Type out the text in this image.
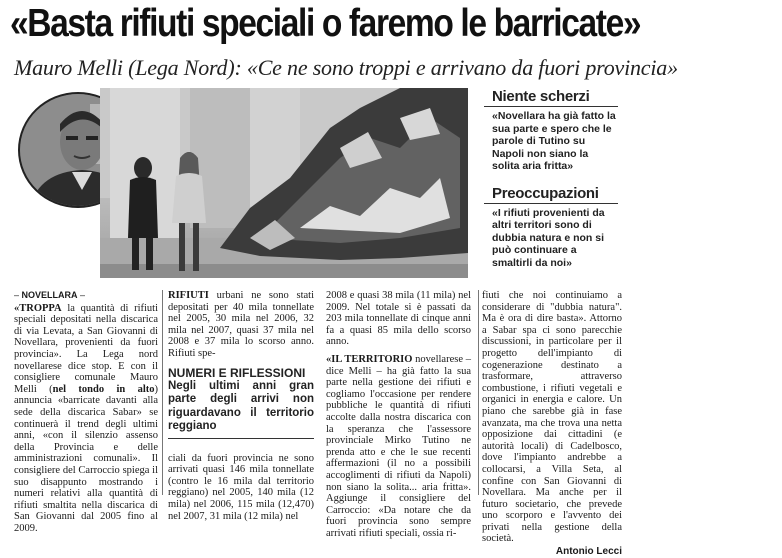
«Basta rifiuti speciali o faremo le barricate»
Mauro Melli (Lega Nord): «Ce ne sono troppi e arrivano da fuori provincia»
Niente scherzi
«Novellara ha già fatto la sua parte e spero che le parole di Tutino su Napoli non siano la solita aria fritta»
Preoccupazioni
«I rifiuti provenienti da altri territori sono di dubbia natura e non si può continuare a smaltirli da noi»
– NOVELLARA –

«TROPPA la quantità di rifiuti speciali depositati nella discarica di via Levata, a San Giovanni di Novellara, provenienti da fuori provincia». La Lega nord novellarese dice stop. E con il consigliere comunale Mauro Melli (nel tondo in alto) annuncia «barricate davanti alla sede della discarica Sabar» se continuerà il trend degli ultimi anni, «con il silenzio assenso della Provincia e delle amministrazioni comunali». Il consigliere del Carroccio spiega il suo disappunto mostrando i numeri relativi alla quantità di rifiuti smaltita nella discarica di San Giovanni dal 2005 fino al 2009.

RIFIUTI urbani ne sono stati depositati per 40 mila tonnellate nel 2005, 30 mila nel 2006, 32 mila nel 2007, quasi 37 mila nel 2008 e 37 mila lo scorso anno. Rifiuti spe-

NUMERI E RIFLESSIONI
Negli ultimi anni gran parte degli arrivi non riguardavano il territorio reggiano

ciali da fuori provincia ne sono arrivati quasi 146 mila tonnellate (contro le 16 mila dal territorio reggiano) nel 2005, 140 mila (12 mila) nel 2006, 115 mila (12,470) nel 2007, 31 mila (12 mila) nel

2008 e quasi 38 mila (11 mila) nel 2009. Nel totale si è passati da 203 mila tonnellate di cinque anni fa a quasi 85 mila dello scorso anno.

«IL TERRITORIO novellarese – dice Melli – ha già fatto la sua parte nella gestione dei rifiuti e cogliamo l'occasione per rendere pubbliche le quantità di rifiuti accolte dalla nostra discarica con la speranza che l'assessore provinciale Mirko Tutino ne prenda atto e che le sue recenti affermazioni (il no a possibili accoglimenti di rifiuti da Napoli) non siano la solita... aria fritta». Aggiunge il consigliere del Carroccio: «Da notare che da fuori provincia sono sempre arrivati rifiuti speciali, ossia ri-

fiuti che noi continuiamo a considerare di "dubbia natura". Ma è ora di dire basta». Attorno a Sabar spa ci sono parecchie discussioni, in particolare per il progetto dell'impianto di cogenerazione destinato a trasformare, attraverso combustione, i rifiuti vegetali e organici in energia e calore. Un piano che sarebbe già in fase avanzata, ma che trova una netta opposizione dai cittadini (e autorità locali) di Cadelbosco, dove l'impianto andrebbe a collocarsi, a Villa Seta, al confine con San Giovanni di Novellara. Ma anche per il futuro societario, che prevede uno scorporo e l'avvento dei privati nella gestione della società.

Antonio Lecci
